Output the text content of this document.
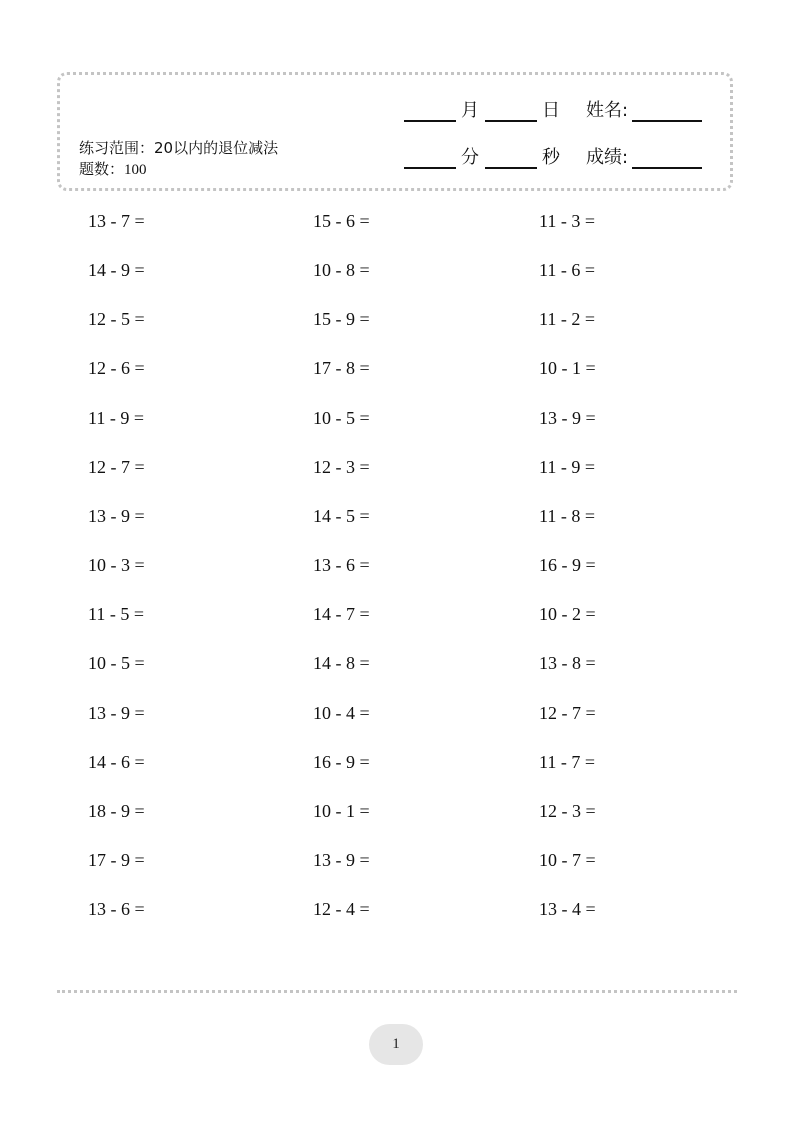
练习范围：20以内的退位减法
题数：100
月	日	姓名:
分	秒	成绩:
13 - 7 =	15 - 6 =	11 - 3 =
14 - 9 =	10 - 8 =	11 - 6 =
12 - 5 =	15 - 9 =	11 - 2 =
12 - 6 =	17 - 8 =	10 - 1 =
11 - 9 =	10 - 5 =	13 - 9 =
12 - 7 =	12 - 3 =	11 - 9 =
13 - 9 =	14 - 5 =	11 - 8 =
10 - 3 =	13 - 6 =	16 - 9 =
11 - 5 =	14 - 7 =	10 - 2 =
10 - 5 =	14 - 8 =	13 - 8 =
13 - 9 =	10 - 4 =	12 - 7 =
14 - 6 =	16 - 9 =	11 - 7 =
18 - 9 =	10 - 1 =	12 - 3 =
17 - 9 =	13 - 9 =	10 - 7 =
13 - 6 =	12 - 4 =	13 - 4 =
1
